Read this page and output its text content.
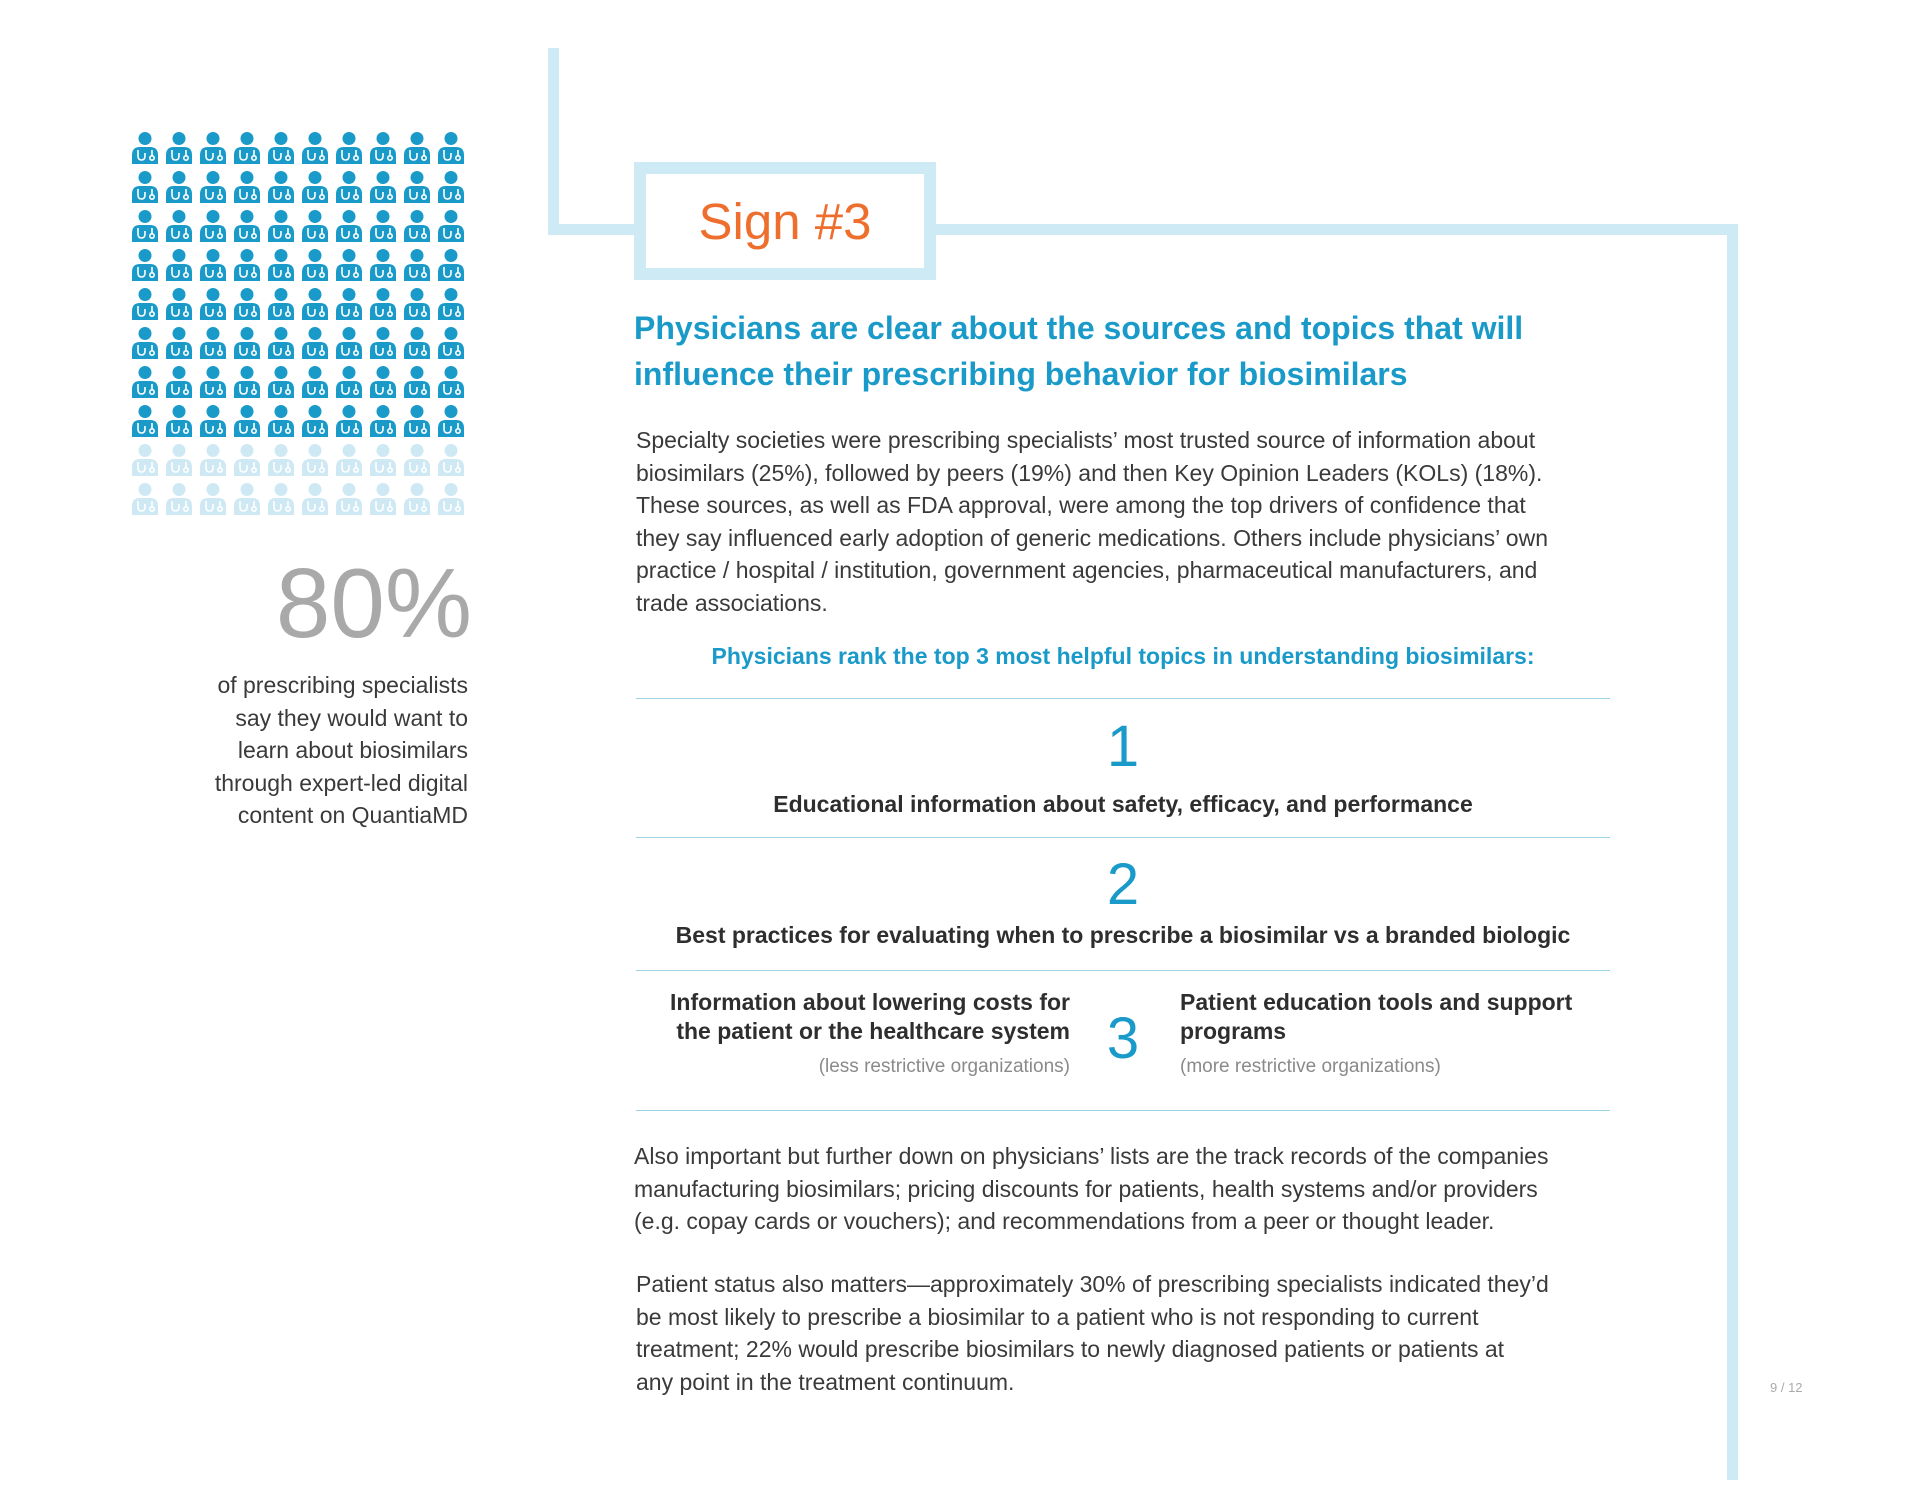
80%
of prescribing specialists
say they would want to
learn about biosimilars
through expert-led digital
content on QuantiaMD
Sign #3
Physicians are clear about the sources and topics that will
influence their prescribing behavior for biosimilars
Specialty societies were prescribing specialists’ most trusted source of information about
biosimilars (25%), followed by peers (19%) and then Key Opinion Leaders (KOLs) (18%).
These sources, as well as FDA approval, were among the top drivers of confidence that
they say influenced early adoption of generic medications. Others include physicians’ own
practice / hospital / institution, government agencies, pharmaceutical manufacturers, and
trade associations.
Physicians rank the top 3 most helpful topics in understanding biosimilars:
1
Educational information about safety, efficacy, and performance
2
Best practices for evaluating when to prescribe a biosimilar vs a branded biologic
Information about lowering costs for
the patient or the healthcare system
(less restrictive organizations) 3
Patient education tools and support
programs
(more restrictive organizations)
Also important but further down on physicians’ lists are the track records of the companies
manufacturing biosimilars; pricing discounts for patients, health systems and/or providers
(e.g. copay cards or vouchers); and recommendations from a peer or thought leader.
Patient status also matters—approximately 30% of prescribing specialists indicated they’d
be most likely to prescribe a biosimilar to a patient who is not responding to current
treatment; 22% would prescribe biosimilars to newly diagnosed patients or patients at
any point in the treatment continuum.	9 / 12
